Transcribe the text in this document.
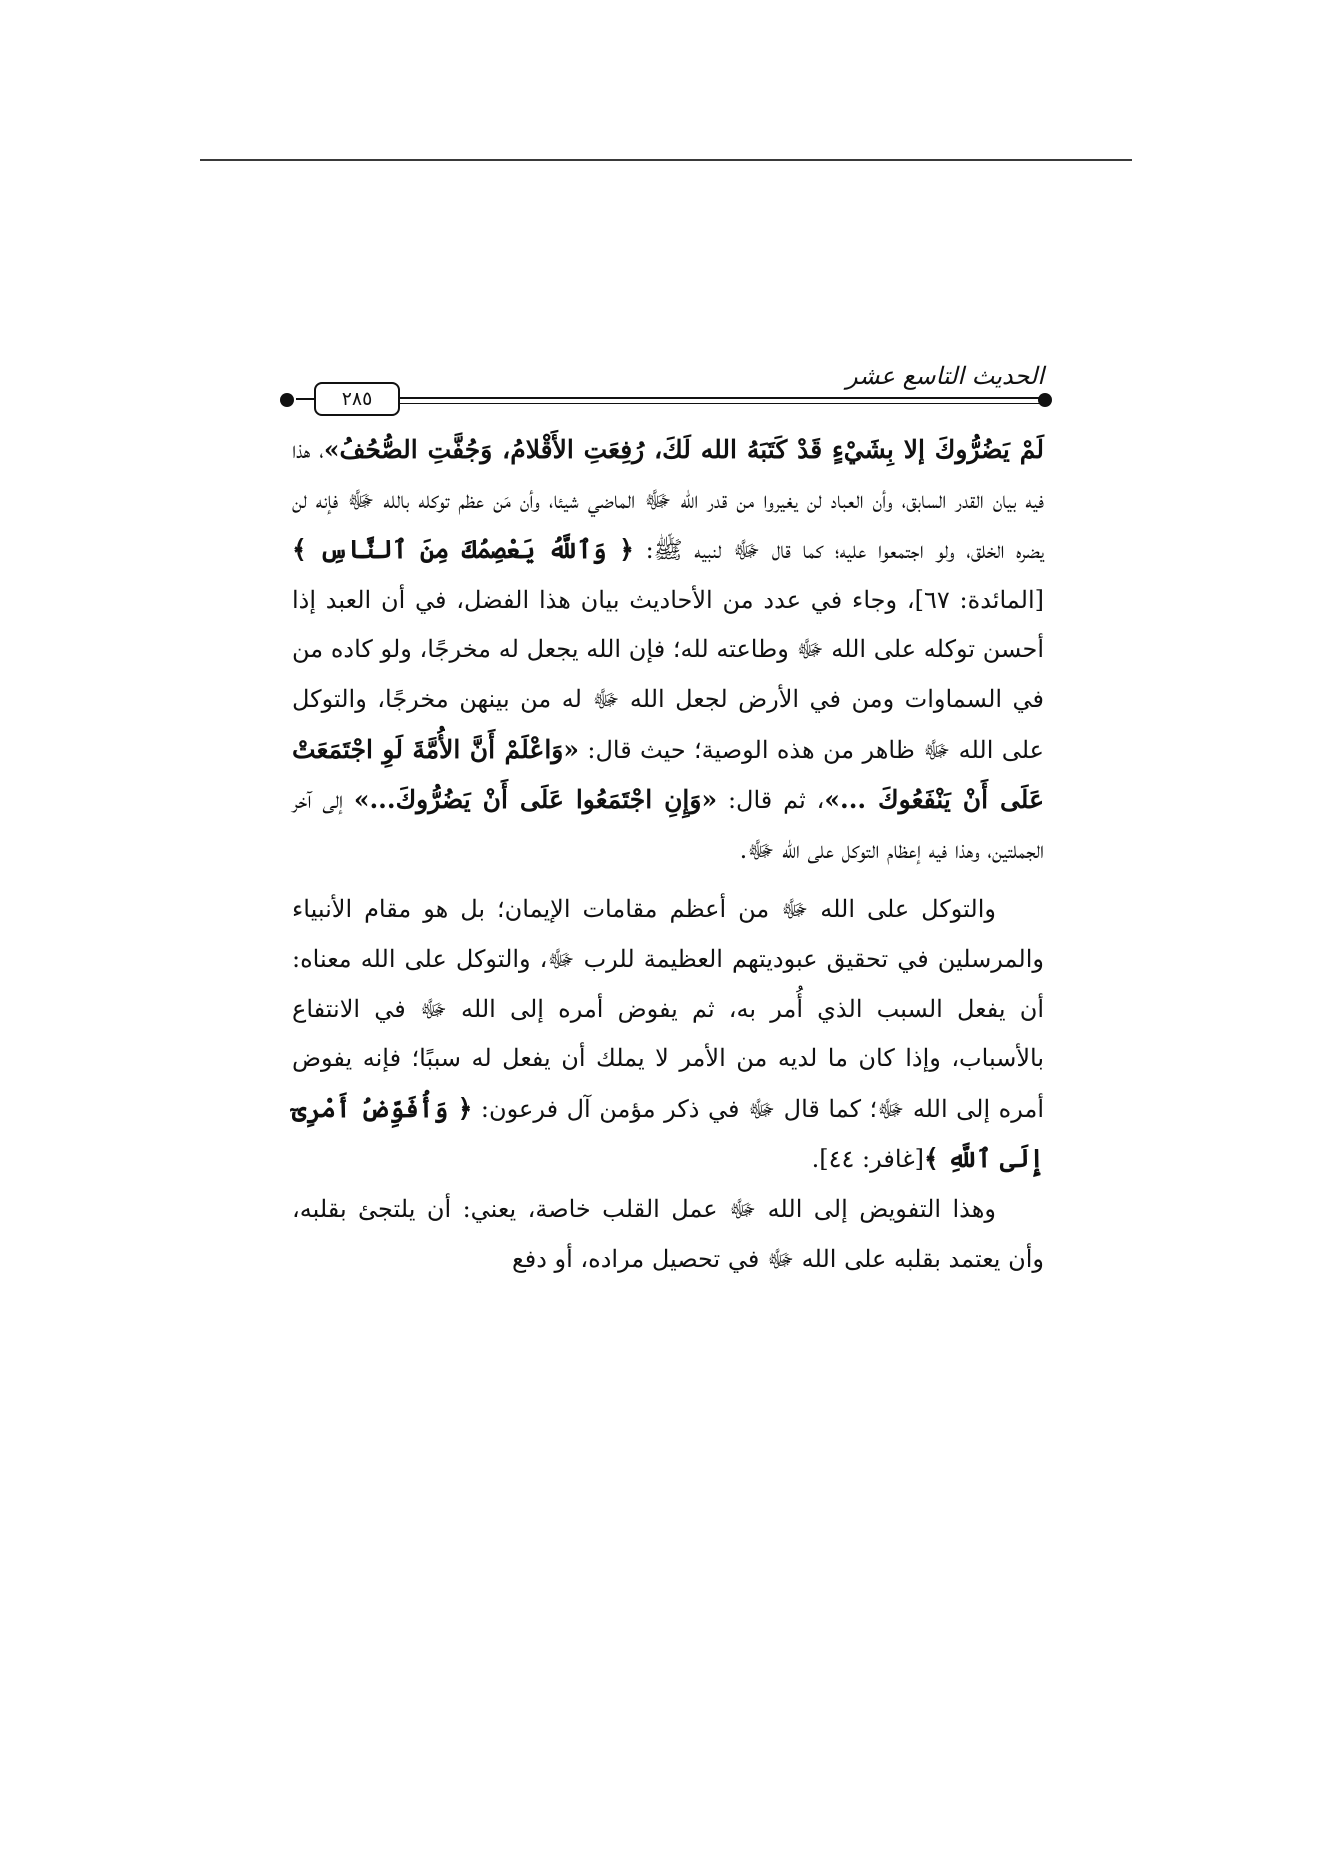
٢٨٥
الحديث التاسع عشر

لَمْ يَضُرُّوكَ إلا بِشَيْءٍ قَدْ كَتَبَهُ الله لَكَ، رُفِعَتِ الأَقْلامُ، وَجُفَّتِ الصُّحُفُ»، هذا فيه بيان القدر السابق، وأن العباد لن يغيروا من قدر الله ﷻ الماضي شيئا، وأن مَن عظم توكله بالله ﷻ فإنه لن يضره الخلق، ولو اجتمعوا عليه؛ كما قال ﷻ لنبيه ﷺ: ﴿ وَٱللَّهُ يَعْصِمُكَ مِنَ ٱلنَّاسِ ﴾ [المائدة: ٦٧]، وجاء في عدد من الأحاديث بيان هذا الفضل، في أن العبد إذا أحسن توكله على الله ﷻ وطاعته لله؛ فإن الله يجعل له مخرجًا، ولو كاده من في السماوات ومن في الأرض لجعل الله ﷻ له من بينهن مخرجًا، والتوكل على الله ﷻ ظاهر من هذه الوصية؛ حيث قال: «وَاعْلَمْ أَنَّ الأُمَّةَ لَوِ اجْتَمَعَتْ عَلَى أَنْ يَنْفَعُوكَ ...»، ثم قال: «وَإِنِ اجْتَمَعُوا عَلَى أَنْ يَضُرُّوكَ...» إلى آخر الجملتين، وهذا فيه إعظام التوكل على الله ﷻ.

والتوكل على الله ﷻ من أعظم مقامات الإيمان؛ بل هو مقام الأنبياء والمرسلين في تحقيق عبوديتهم العظيمة للرب ﷻ، والتوكل على الله معناه: أن يفعل السبب الذي أُمر به، ثم يفوض أمره إلى الله ﷻ في الانتفاع بالأسباب، وإذا كان ما لديه من الأمر لا يملك أن يفعل له سببًا؛ فإنه يفوض أمره إلى الله ﷻ؛ كما قال ﷻ في ذكر مؤمن آل فرعون: ﴿ وَأُفَوِّضُ أَمْرِىٓ إِلَى ٱللَّهِ ﴾[غافر: ٤٤].

وهذا التفويض إلى الله ﷻ عمل القلب خاصة، يعني: أن يلتجئ بقلبه، وأن يعتمد بقلبه على الله ﷻ في تحصيل مراده، أو دفع
